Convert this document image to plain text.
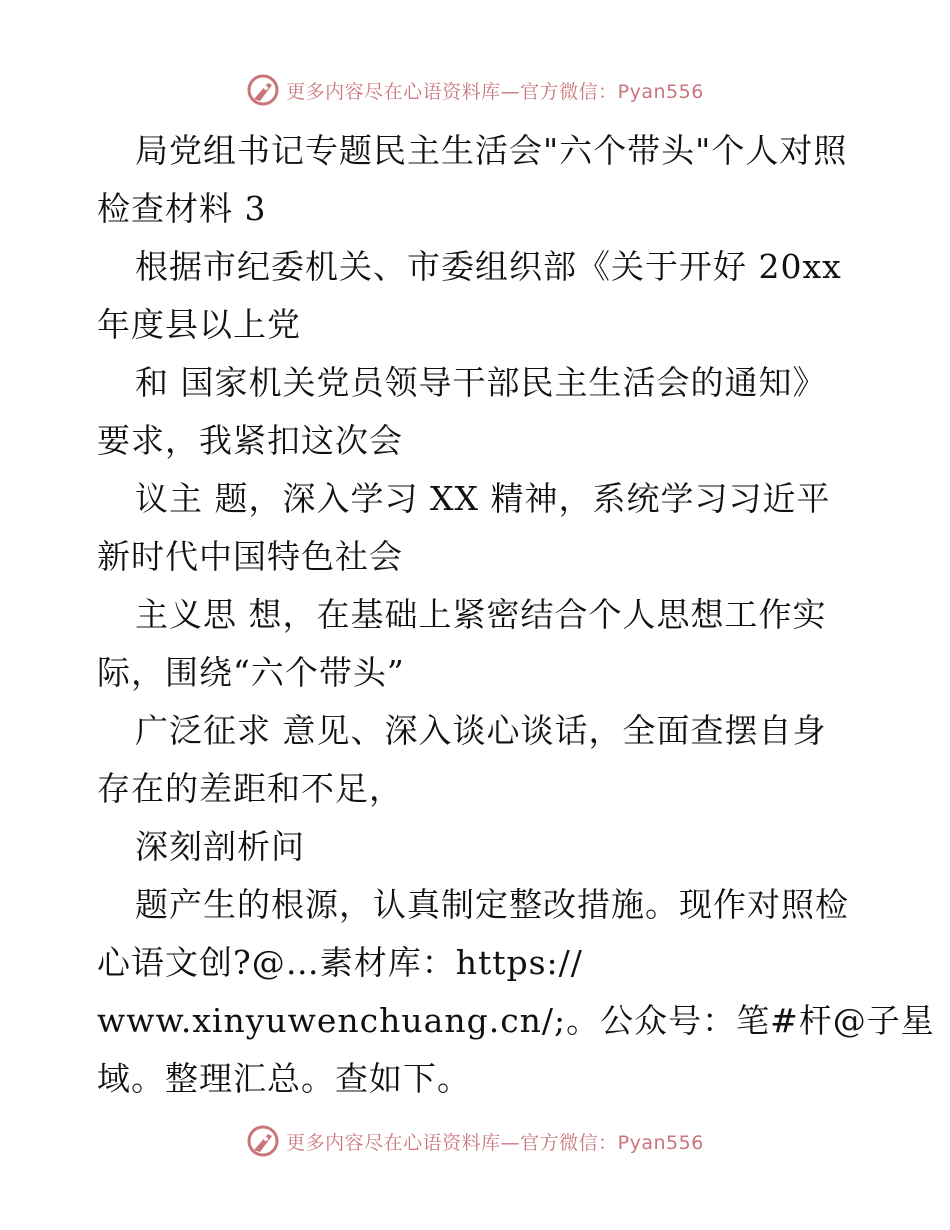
更多内容尽在心语资料库—官方微信：Pyan556
局党组书记专题民主生活会"六个带头"个人对照
检查材料 3
根据市纪委机关、市委组织部《关于开好 20xx
年度县以上党
和 国家机关党员领导干部民主生活会的通知》
要求，我紧扣这次会
议主 题，深入学习 XX 精神，系统学习习近平
新时代中国特色社会
主义思 想，在基础上紧密结合个人思想工作实
际，围绕“六个带头”
广泛征求 意见、深入谈心谈话，全面查摆自身
存在的差距和不足，
深刻剖析问
题产生的根源，认真制定整改措施。现作对照检
心语文创?@…素材库：https://
www.xinyuwenchuang.cn/;。公众号：笔#杆@子星
域。整理汇总。查如下。
更多内容尽在心语资料库—官方微信：Pyan556
